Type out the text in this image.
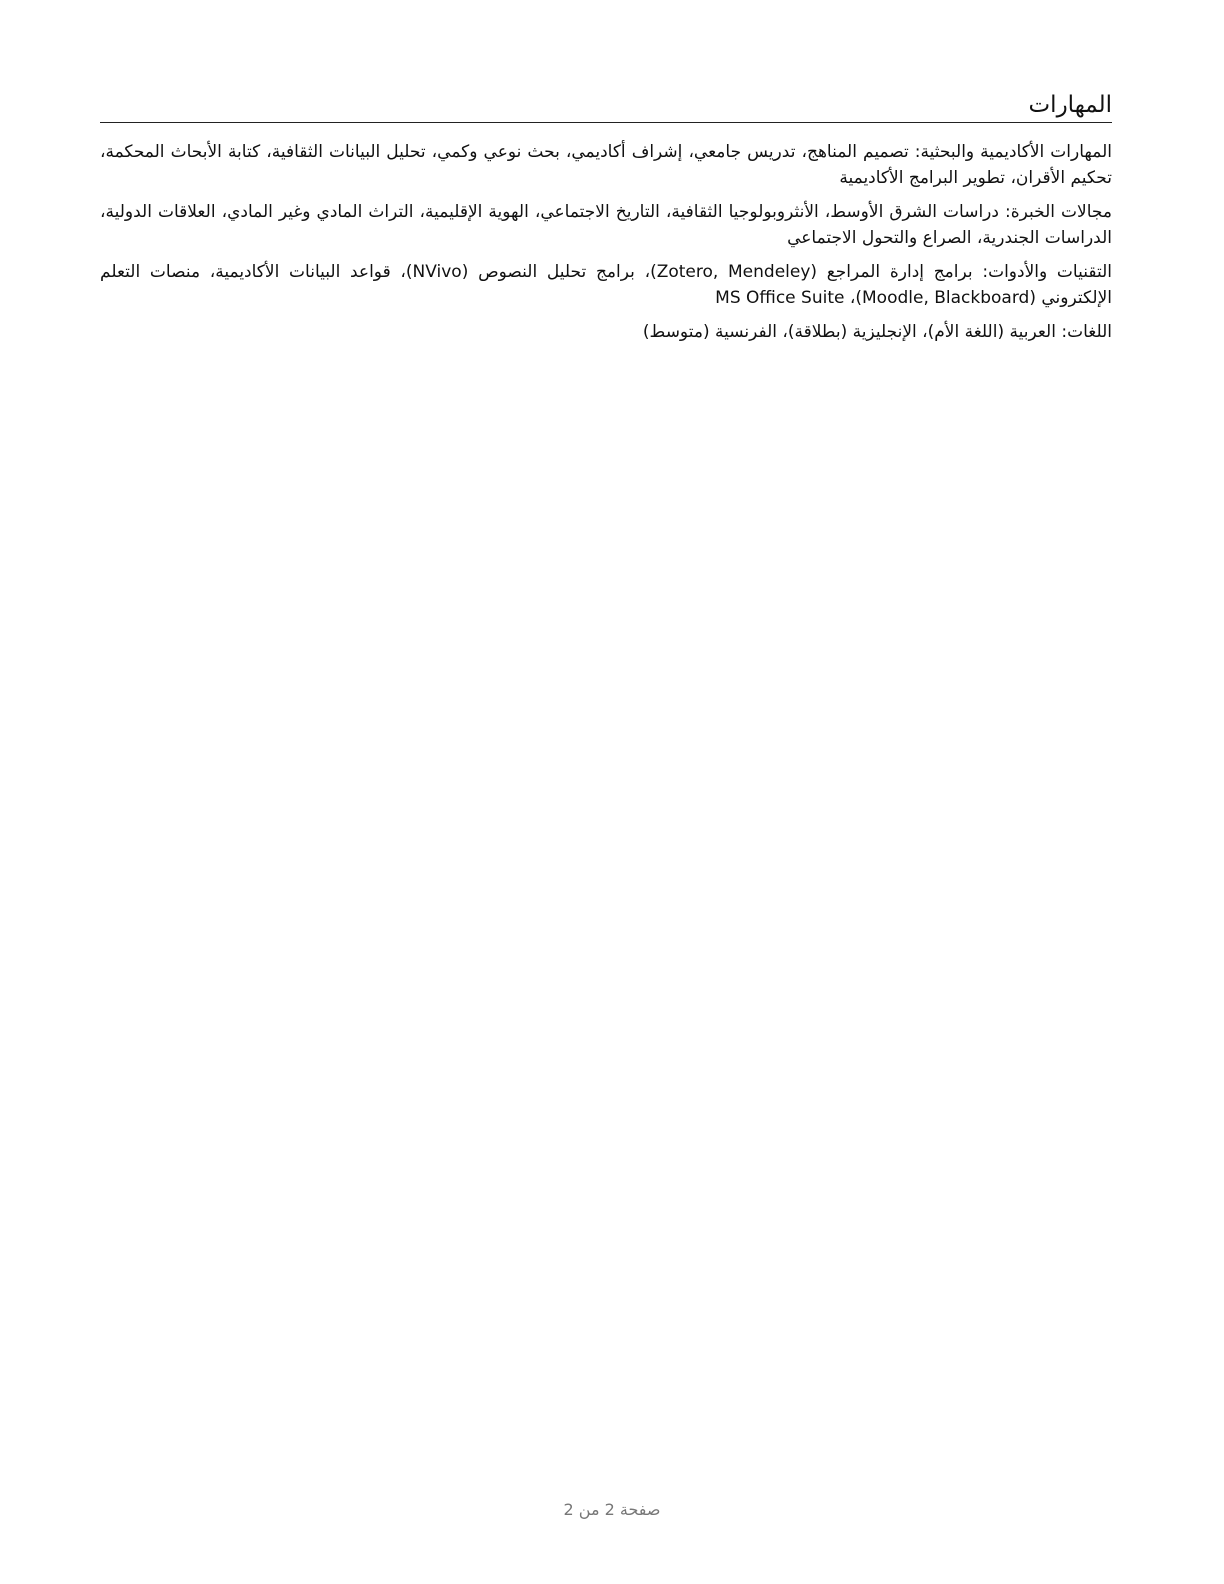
المهارات

المهارات الأكاديمية والبحثية: تصميم المناهج، تدريس جامعي، إشراف أكاديمي، بحث نوعي وكمي، تحليل البيانات الثقافية، كتابة الأبحاث المحكمة، تحكيم الأقران، تطوير البرامج الأكاديمية

مجالات الخبرة: دراسات الشرق الأوسط، الأنثروبولوجيا الثقافية، التاريخ الاجتماعي، الهوية الإقليمية، التراث المادي وغير المادي، العلاقات الدولية، الدراسات الجندرية، الصراع والتحول الاجتماعي

التقنيات والأدوات: برامج إدارة المراجع (Zotero, Mendeley)، برامج تحليل النصوص (NVivo)، قواعد البيانات الأكاديمية، منصات التعلم الإلكتروني (Moodle, Blackboard)، MS Office Suite

اللغات: العربية (اللغة الأم)، الإنجليزية (بطلاقة)، الفرنسية (متوسط)

صفحة 2 من 2
